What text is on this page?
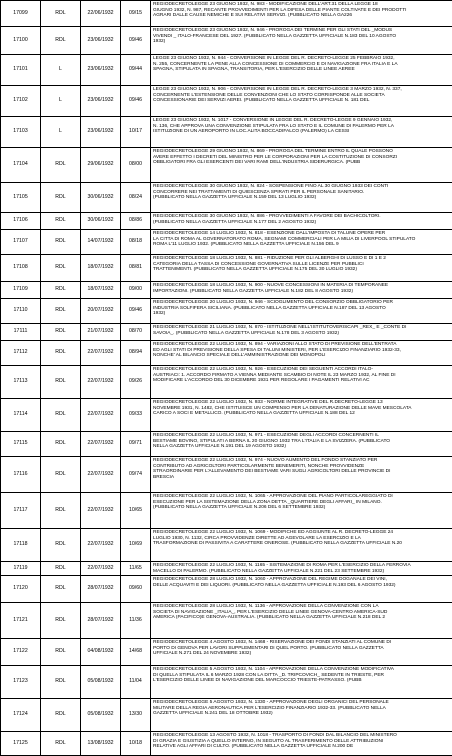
17099	RDL	22/06/1932	09/15	REGIODECRETOLEGGE 23 GIUGNO 1932, N. 983 - MODIFICAZIONE DELL'ART.31 DELLA LEGGE 18
GIUGNO 1932, N. 987, RECANTE PROVVEDIMENTI PER LA DIFESA DELLE PIANTE COLTIVATE E DEI PRODOTTI
AGRARI DALLE CAUSE NEMICHE E SUI RELATIVI SERVIZI. (PUBBLICATO NELLA GA226

17100	RDL	23/06/1932	09/46	REGIODECRETOLEGGE 23 GIUGNO 1932, N. 946 - PROROGA DEI TERMINE PER GLI STATI DEL _MODUS
VIVENDI _ ITALO-FRANCESE DEL 1927. (PUBBLICATO NELLA GAZZETTA UFFICIALE N.183 DEL 10 AGOSTO
1932)

17101	L	23/06/1932	09/44	LEGGE 23 GIUGNO 1932, N. 944 - CONVERSIONE IN LEGGE DEL R. DECRETO-LEGGE 25 FEBBRAIO 1932,
N. 255, CONCERNENTE LA PENE ALLA CONCESSIONE DI COMMERCIO E DI NAVIGAZIONE FRA ITALIA E LA
SPAGNA, STIPULATA IN SPAGNA, TRANSITORIA, PER L'ESERCIZIO DELLE LINEE AEREE

17102	L	23/06/1932	09/46	LEGGE 23 GIUGNO 1932, N. 906 - CONVERSIONE IN LEGGE DEL R. DECRETO-LEGGE 3 MARZO 1932, N. 337,
CONCERNENTE L'ESTENSIONE DELLE CONVENZIONI CHE LO STATO CORRISPONDE ALLE SOCIETA
CONCESSIONARIE DEI SERVIZI AEREI. (PUBBLICATO NELLA GAZZETTA UFFICIALE N. 181 DEL

17103	L	23/06/1932	10/17	LEGGE 23 GIUGNO 1932, N. 1017 - CONVERSIONE IN LEGGE DEL R. DECRETO-LEGGE 9 GENNAIO 1932,
N. 136, CHE APPROVA UNA CONVENZIONE STIPULATA FRA LO STATO E IL COMUNE DI PALERMO PER LA
ISTITUZIONE DI UN AEROPORTO IN LOC.ALITA BOCCADIFALCO (PALERMO) LA CESSI

17104	RDL	29/06/1932	08/00	REGIODECRETOLEGGE 29 GIUGNO 1932, N. 869 - PROROGA DEL TERMINE ENTRO IL QUALE POSSONO
AVERE EFFETTO I DECRETI DEL MINISTRO PER LE CORPORAZIONI PER LA COSTITUZIONE DI CONSORZI
OBBLIGATORI FRA GLI ESERCENTI DEI VARI RAMI DELL'INDUSTRIA SIDERURGICA. (PUBB

17105	RDL	30/06/1932	08/24	REGIODECRETOLEGGE 30 GIUGNO 1932, N. 824 - SOSPENSIONE FINO AL 30 GIUGNO 1933 DEI CONTI
CONCORRERE NEI TRATTAMENTI DI QUIESCENZA SPIRATI PER IL PERSONALE SANITARIO.
(PUBBLICATO NELLA GAZZETTA UFFICIALE N.159 DEL 13 LUGLIO 1932)

17106	RDL	30/06/1932	08/86	REGIODECRETOLEGGE 30 GIUGNO 1932, N. 886 - PROVVEDIMENTI A FAVORE DEI BACHICOLTORI.
(PUBBLICATO NELLA GAZZETTA UFFICIALE N.177 DEL 2 AGOSTO 1932)

17107	RDL	14/07/1932	08/18	REGIODECRETOLEGGE 14 LUGLIO 1932, N. 818 - ESENZIONE DALL'IMPOSTA DI TALUNE OPERE PER
LA CITTA DI ROMA AL GOVERNATORATO ROMA, SEGNAMI COMMERCIALI PER LA MILIA DI LIVERPOOL STIPULATO
ROMA L'11 LUGLIO 1932. (PUBBLICATO NELLA GAZZETTA UFFICIALE N.156 DEL 9

17108	RDL	18/07/1932	08/81	REGIODECRETOLEGGE 18 LUGLIO 1932, N. 881 - RIDUZIONE PER GLI ALBERGHI DI LUSSO E DI 1 E 2
CATEGORIA DELLA TASSA DI CONCESSIONE GOVERNATIVA SULLE LICENZE PER PUBBLICI
TRATTENIMENTI. (PUBBLICATO NELLA GAZZETTA UFFICIALE N.175 DEL 30 LUGLIO 1932)

17109	RDL	18/07/1932	09/00	REGIODECRETOLEGGE 18 LUGLIO 1932, N. 900 - NUOVE CONCESSIONI IN MATERIA DI TEMPORANEE
IMPORTAZIONI. (PUBBLICATO NELLA GAZZETTA UFFICIALE N.182 DEL 8 AGOSTO 1932)

17110	RDL	20/07/1932	09/46	REGIODECRETOLEGGE 20 LUGLIO 1932, N. 946 - SCIOGLIMENTO DEL CONSORZIO OBBLIGATORIO PER
INDUSTRIA SOLFIFERA SICILIANA. (PUBBLICATO NELLA GAZZETTA UFFICIALE N.187 DEL 13 AGOSTO
1932)

17111	RDL	21/07/1932	08/70	REGIODECRETOLEGGE 21 LUGLIO 1932, N. 870 - ISTITUZIONE NELL'ISTITUTOVERISCAPI _REX_ E _CONTE DI
SAVOIA_. (PUBBLICATO NELLA GAZZETTA UFFICIALE N.178 DEL 3 AGOSTO 1932)

17112	RDL	22/07/1932	08/94	REGIODECRETOLEGGE 22 LUGLIO 1932, N. 894 - VARIAZIONI ALLO STATO DI PREVISIONE DELL'ENTRATA
ED AGLI STATI DI PREVISIONE DELLA SPESA DI TALUNI MINISTERI, PER L'ESERCIZIO FINANZIARIO 1932-33,
NONCHE' AL BILANCIO SPECIALE DELL'AMMINISTRAZIONE DEI MONOPOLI

17113	RDL	22/07/1932	09/26	REGIODECRETOLEGGE 22 LUGLIO 1932, N. 926 - ESECUZIONE DEI SEGUENTI ACCORDI ITALO-
AUSTRIACI: 1. ACCORDO FIRMATO A VIENNA MEDIANTE SCAMBIO DI NOTE IL 23 MARZO 1932, AL FINE DI
MODIFICARE L'ACCORDO DEL 30 DICEMBRE 1931 PER REGOLARE I PAGAMENTI RELATIVI AC

17114	RDL	22/07/1932	09/33	REGIODECRETOLEGGE 22 LUGLIO 1932, N. 933 - NORME INTEGRATIVE DEL R.DECRETO-LEGGE 13
NOVEMBRE 1931, N. 1482, CHE ISTITUISCE UN COMPENSO PER LA DENATURAZIONE DELLE MAVE MESCOLATA
CARICO A SOCI E METALLICO. (PUBBLICATO NELLA GAZZETTA UFFICIALE N.188 DEL 12

17115	RDL	22/07/1932	09/71	REGIODECRETOLEGGE 22 LUGLIO 1932, N. 971 - ESECUZIONE DEGLI ACCORDI CONCERNENTI IL
BESTIAME BOVINO, STIPULATI A BERNA IL 20 GIUGNO 1932 TRA L'ITALIA E LA SVIZZERA. (PUBBLICATO
NELLA GAZZETTA UFFICIALE N.191 DEL 19 AGOSTO 1932)

17116	RDL	22/07/1932	09/74	REGIODECRETOLEGGE 22 LUGLIO 1932, N. 974 - NUOVO AUMENTO DEL FONDO STANZIATO PER
CONTRIBUTO AD AGRICOLTORI PARTICOLARMENTE BENEMERITI, NONCHE PROVVIDENZE
STRAORDINARIE PER L'ALLEVAMENTO DEI BESTIAME VARI SUGLI AGRICOLTORI DELLE PROVINCIE DI
BRESCIA

17117	RDL	22/07/1932	10/65	REGIODECRETOLEGGE 22 LUGLIO 1932, N. 1065 - APPROVAZIONE DEL PIANO PARTICOLAREGGIATO DI
ESECUZIONE PER LA SISTEMAZIONE DELLA ZONA DETTA _QUARTIERE DEGLI AFFARI_ IN MILANO.
(PUBBLICATO NELLA GAZZETTA UFFICIALE N.206 DEL 6 SETTEMBRE 1932)

17118	RDL	22/07/1932	10/69	REGIODECRETOLEGGE 22 LUGLIO 1932, N. 1069 - MODIFICHE ED AGGIUNTE AL R. DECRETO-LEGGE 24
LUGLIO 1930, N. 1132, CIRCA PROVVIDENZE DIRETTE AD AGEVOLARE LA ESERCIZIO E LA
TRASFORMAZIONE DI PASSIVITA A CARATTERE ONEROSE. (PUBBLICATO NELLA GAZZETTA UFFICIALE N.20

17119	RDL	22/07/1932	11/65	REGIODECRETOLEGGE 22 LUGLIO 1932, N. 1165 - SISTEMAZIONE DI ROMA PER L'ESERCIZIO DELLA FERROVIA
MACELLO DI PALERMO. (PUBBLICATO NELLA GAZZETTA UFFICIALE N.221 DEL 23 SETTEMBRE 1932)

17120	RDL	28/07/1932	09/60	REGIODECRETOLEGGE 28 LUGLIO 1932, N. 1060 - APPROVAZIONE DEL REGIME DOGANALE DEI VINI,
DELLE ACQUAVITI E DEI LIQUORI. (PUBBLICATO NELLA GAZZETTA UFFICIALE N.193 DEL 6 AGOSTO 1932)

17121	RDL	28/07/1932	11/36	REGIODECRETOLEGGE 28 LUGLIO 1932, N. 1136 - APPROVAZIONE DELLA CONVENZIONE CON LA
SOCIETA DI NAVIGAZIONE _ITALIA_, PER L'ESERCIZIO DELLE LINEE GENOVA-CENTRO AMERICA-SUD
AMERICA (PACIFICO)E GENOVA-AUSTRALIA. (PUBBLICATO NELLA GAZZETTA UFFICIALE N.218 DEL 2

17122	RDL	04/08/1932	14/68	REGIODECRETOLEGGE 4 AGOSTO 1932, N. 1468 - RISERVAZIONE DEI FONDI STANZIATI AL COMUNE DI
PORTO DI GENOVA PER LAVORI SUPPLEMENTARI DI QUEL PORTO. (PUBBLICATO NELLA GAZZETTA
UFFICIALE N.271 DEL 24 NOVEMBRE 1932)

17123	RDL	05/08/1932	11/04	REGIODECRETOLEGGE 5 AGOSTO 1932, N. 1104 - APPROVAZIONE DELLA CONVENZIONE MODIFICATIVA
DI QUELLA STIPULATA IL 6 MARZO 1928 CON LA DITTA _D. TRIPCOVICH_ SEDENTE IN TRIESTE, PER
L'ESERCIZIO DELLE LINEE DI NAVIGAZIONE DEL MARCOCCIO TRIESTE-PATRASSO. (PUBB

17124	RDL	05/08/1932	13/30	REGIODECRETOLEGGE 5 AGOSTO 1932, N. 1330 - APPROVAZIONE DEGLI ORGANICI DEL PERSONALE
MILITARE DELLA REGIA AERONAUTICA PER L'ESERCIZIO FINANZIARIO 1932-33. (PUBBLICATO NELLA
GAZZETTA UFFICIALE N.241 DEL 18 OTTOBRE 1932)

17125	RDL	13/08/1932	10/18	REGIODECRETOLEGGE 13 AGOSTO 1932, N. 1018 - TRASPORTO DI FONDI DAL BILANCIO DEL MINISTERO
DI GRAZIA E GIUSTIZIA A QUELLO INTERNO, IN SEGUITO AL TRASFERIMENTO DELLE ATTRIBUZIONI
RELATIVE AGLI AFFARI DI CULTO. (PUBBLICATO NELLA GAZZETTA UFFICIALE N.200 DE
